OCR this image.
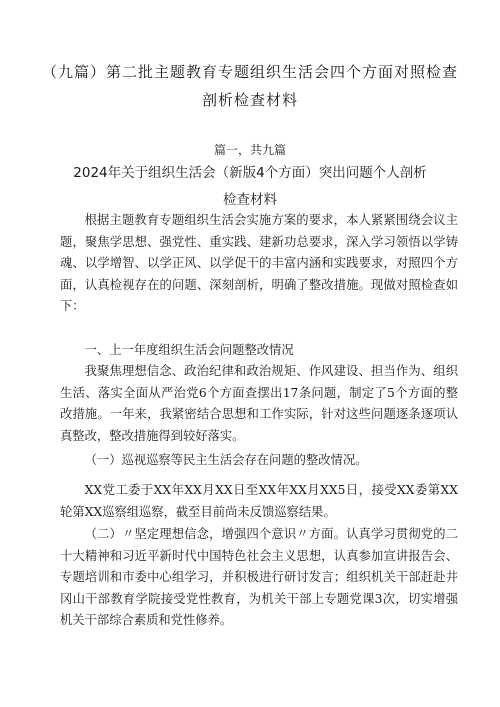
（九篇）第二批主题教育专题组织生活会四个方面对照检查剖析检查材料
篇一，共九篇
2024年关于组织生活会（新版4个方面）突出问题个人剖析检查材料

根据主题教育专题组织生活会实施方案的要求，本人紧紧围绕会议主题，聚焦学思想、强党性、重实践、建新功总要求，深入学习领悟以学铸魂、以学增智、以学正风、以学促干的丰富内涵和实践要求，对照四个方面，认真检视存在的问题、深刻剖析，明确了整改措施。现做对照检查如下：

一、上一年度组织生活会问题整改情况

我聚焦理想信念、政治纪律和政治规矩、作风建设、担当作为、组织生活、落实全面从严治党6个方面查摆出17条问题，制定了5个方面的整改措施。一年来，我紧密结合思想和工作实际，针对这些问题逐条逐项认真整改，整改措施得到较好落实。

（一）巡视巡察等民主生活会存在问题的整改情况。

XX党工委于XX年XX月XX日至XX年XX月XX5日，接受XX委第XX轮第XX巡察组巡察，截至目前尚未反馈巡察结果。

（二）〃坚定理想信念，增强四个意识〃方面。认真学习贯彻党的二十大精神和习近平新时代中国特色社会主义思想，认真参加宣讲报告会、专题培训和市委中心组学习，并积极进行研讨发言；组织机关干部赶赴井冈山干部教育学院接受党性教育，为机关干部上专题党课3次，切实增强机关干部综合素质和党性修养。
